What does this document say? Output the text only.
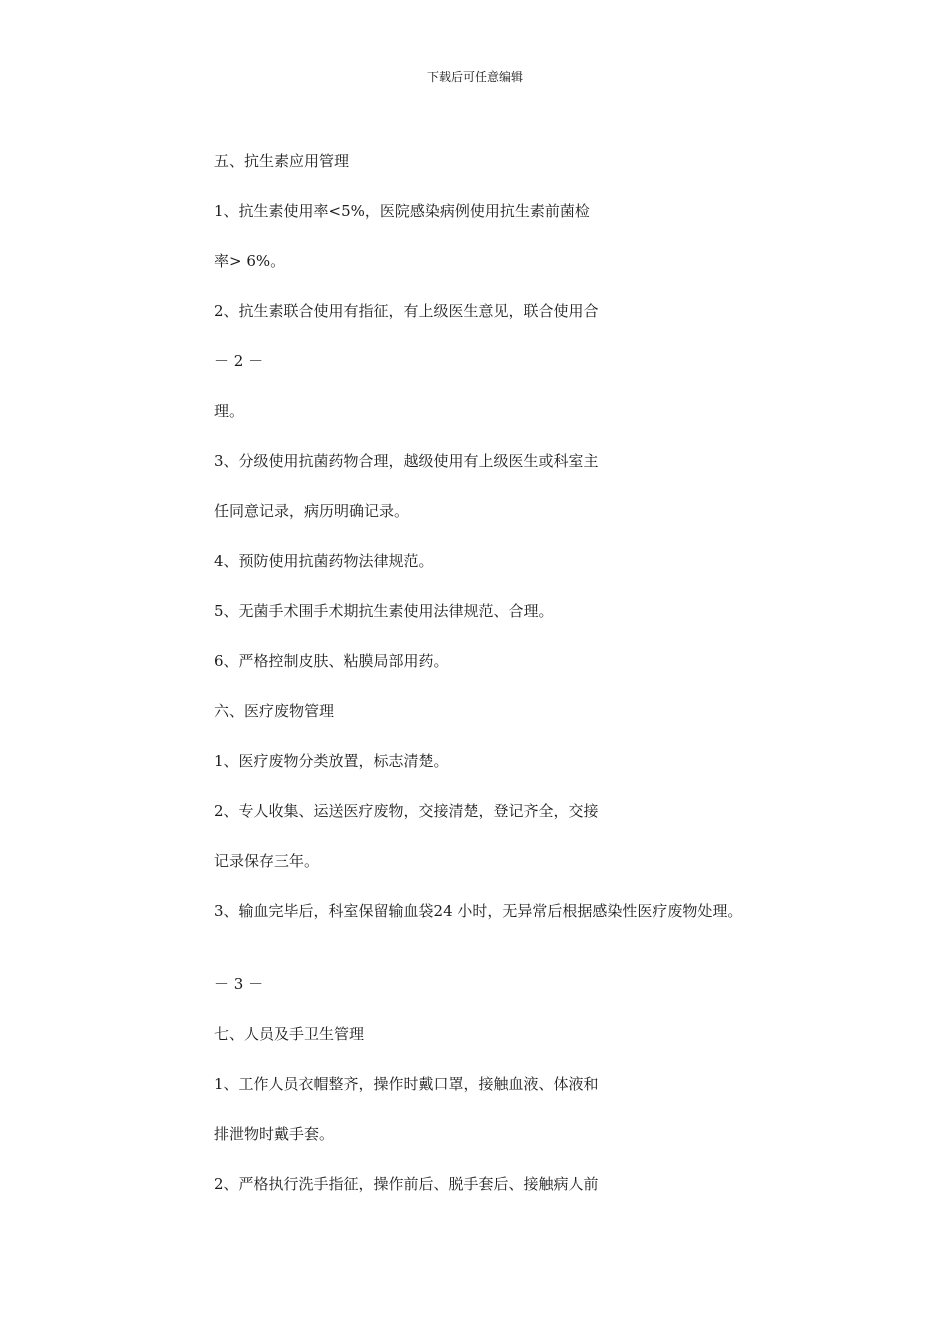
下载后可任意编辑
五、抗生素应用管理
1、抗生素使用率<5%，医院感染病例使用抗生素前菌检
率> 6%。
2、抗生素联合使用有指征，有上级医生意见，联合使用合
－ 2 －
理。
3、分级使用抗菌药物合理，越级使用有上级医生或科室主
任同意记录，病历明确记录。
4、预防使用抗菌药物法律规范。
5、无菌手术围手术期抗生素使用法律规范、合理。
6、严格控制皮肤、粘膜局部用药。
六、医疗废物管理
1、医疗废物分类放置，标志清楚。
2、专人收集、运送医疗废物，交接清楚，登记齐全，交接
记录保存三年。
3、输血完毕后，科室保留输血袋24 小时，无异常后根据感染性医疗废物处理。
－ 3 －
七、人员及手卫生管理
1、工作人员衣帽整齐，操作时戴口罩，接触血液、体液和
排泄物时戴手套。
2、严格执行洗手指征，操作前后、脱手套后、接触病人前
